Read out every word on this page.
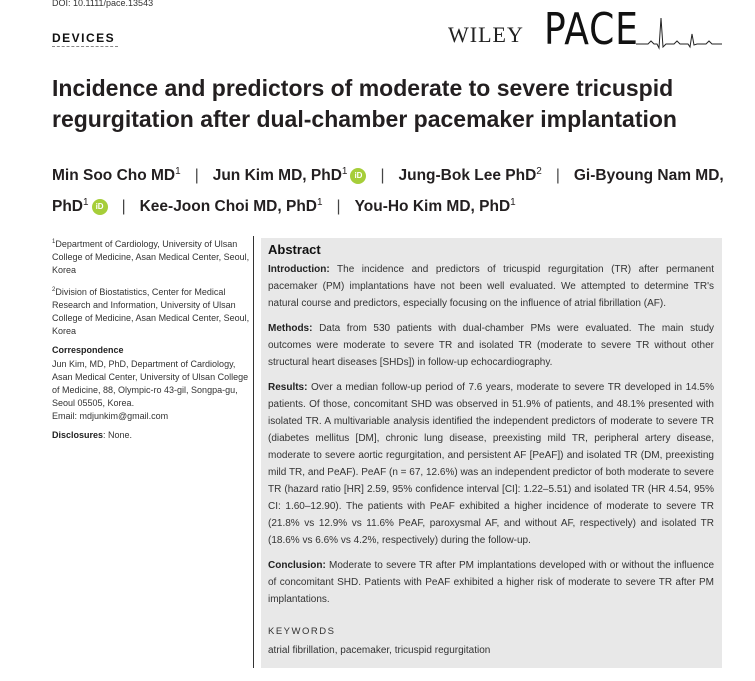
DOI: 10.1111/pace.13543
DEVICES	WILEY PACE
Incidence and predictors of moderate to severe tricuspid regurgitation after dual-chamber pacemaker implantation
Min Soo Cho $MD^1$ | Jun Kim MD, PhD$^1$ iD | Jung-Bok Lee PhD$^2$ | Gi-Byoung Nam MD, PhD$^1$ iD | Kee-Joon Choi MD, PhD$^1$ | You-Ho Kim MD, PhD$^1$

$^1$Department of Cardiology, University of Ulsan College of Medicine, Asan Medical Center, Seoul, Korea

$^2$Division of Biostatistics, Center for Medical Research and Information, University of Ulsan College of Medicine, Asan Medical Center, Seoul, Korea

Correspondence
Jun Kim, MD, PhD, Department of Cardiology, Asan Medical Center, University of Ulsan College of Medicine, 88, Olympic-ro 43-gil, Songpa-gu, Seoul 05505, Korea.
Email: mdjunkim@gmail.com

Disclosures: None.

Abstract

Introduction: The incidence and predictors of tricuspid regurgitation (TR) after permanent pacemaker (PM) implantations have not been well evaluated. We attempted to determine TR's natural course and predictors, especially focusing on the influence of atrial fibrillation (AF).

Methods: Data from 530 patients with dual-chamber PMs were evaluated. The main study outcomes were moderate to severe TR and isolated TR (moderate to severe TR without other structural heart diseases [SHDs]) in follow-up echocardiography.

Results: Over a median follow-up period of 7.6 years, moderate to severe TR developed in 14.5% patients. Of those, concomitant SHD was observed in 51.9% of patients, and 48.1% presented with isolated TR. A multivariable analysis identified the independent predictors of moderate to severe TR (diabetes mellitus [DM], chronic lung disease, preexisting mild TR, peripheral artery disease, moderate to severe aortic regurgitation, and persistent AF [PeAF]) and isolated TR (DM, preexisting mild TR, and PeAF). PeAF (n = 67, 12.6%) was an independent predictor of both moderate to severe TR (hazard ratio [HR] 2.59, 95% confidence interval [CI]: 1.22–5.51) and isolated TR (HR 4.54, 95% CI: 1.60–12.90). The patients with PeAF exhibited a higher incidence of moderate to severe TR (21.8% vs 12.9% vs 11.6% PeAF, paroxysmal AF, and without AF, respectively) and isolated TR (18.6% vs 6.6% vs 4.2%, respectively) during the follow-up.

Conclusion: Moderate to severe TR after PM implantations developed with or without the influence of concomitant SHD. Patients with PeAF exhibited a higher risk of moderate to severe TR after PM implantations.

KEYWORDS
atrial fibrillation, pacemaker, tricuspid regurgitation
